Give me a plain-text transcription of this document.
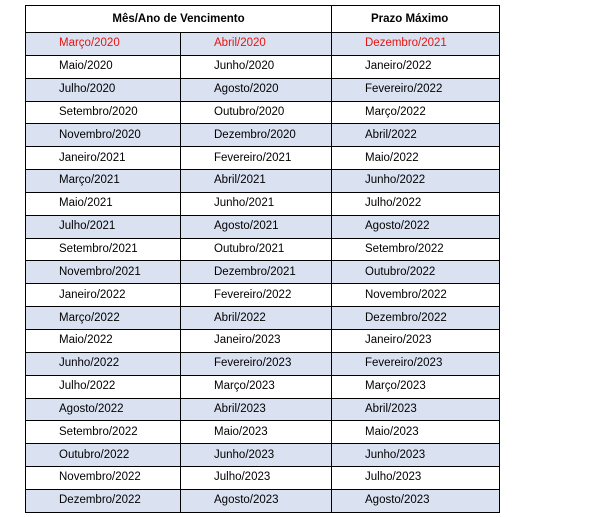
Mês/Ano de Vencimento		Prazo Máximo
Março/2020	Abril/2020	Dezembro/2021
Maio/2020	Junho/2020	Janeiro/2022
Julho/2020	Agosto/2020	Fevereiro/2022
Setembro/2020	Outubro/2020	Março/2022
Novembro/2020	Dezembro/2020	Abril/2022
Janeiro/2021	Fevereiro/2021	Maio/2022
Março/2021	Abril/2021	Junho/2022
Maio/2021	Junho/2021	Julho/2022
Julho/2021	Agosto/2021	Agosto/2022
Setembro/2021	Outubro/2021	Setembro/2022
Novembro/2021	Dezembro/2021	Outubro/2022
Janeiro/2022	Fevereiro/2022	Novembro/2022
Março/2022	Abril/2022	Dezembro/2022
Maio/2022	Janeiro/2023	Janeiro/2023
Junho/2022	Fevereiro/2023	Fevereiro/2023
Julho/2022	Março/2023	Março/2023
Agosto/2022	Abril/2023	Abril/2023
Setembro/2022	Maio/2023	Maio/2023
Outubro/2022	Junho/2023	Junho/2023
Novembro/2022	Julho/2023	Julho/2023
Dezembro/2022	Agosto/2023	Agosto/2023
